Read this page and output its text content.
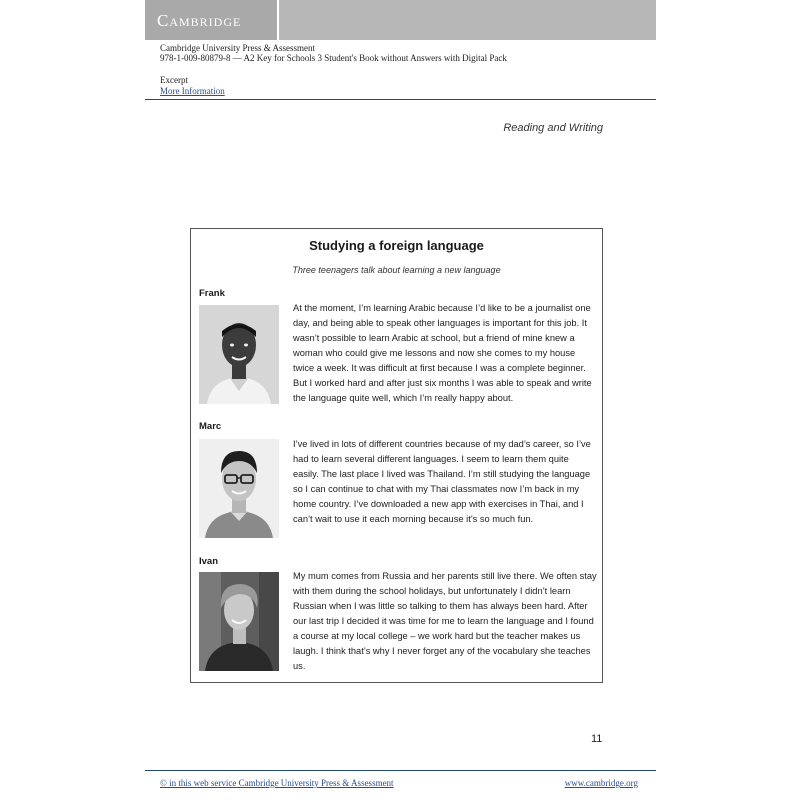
Cambridge
Cambridge University Press & Assessment
978-1-009-80879-8 — A2 Key for Schools 3 Student's Book without Answers with Digital Pack
Excerpt
More Information
Reading and Writing
Studying a foreign language
Three teenagers talk about learning a new language
Frank
At the moment, I’m learning Arabic because I’d like to be a journalist one day, and being able to speak other languages is important for this job. It wasn’t possible to learn Arabic at school, but a friend of mine knew a woman who could give me lessons and now she comes to my house twice a week. It was difficult at first because I was a complete beginner. But I worked hard and after just six months I was able to speak and write the language quite well, which I’m really happy about.
Marc
I’ve lived in lots of different countries because of my dad’s career, so I’ve had to learn several different languages. I seem to learn them quite easily. The last place I lived was Thailand. I’m still studying the language so I can continue to chat with my Thai classmates now I’m back in my home country. I’ve downloaded a new app with exercises in Thai, and I can’t wait to use it each morning because it’s so much fun.
Ivan
My mum comes from Russia and her parents still live there. We often stay with them during the school holidays, but unfortunately I didn’t learn Russian when I was little so talking to them has always been hard. After our last trip I decided it was time for me to learn the language and I found a course at my local college – we work hard but the teacher makes us laugh. I think that’s why I never forget any of the vocabulary she teaches us.
11
© in this web service Cambridge University Press & Assessment	www.cambridge.org
